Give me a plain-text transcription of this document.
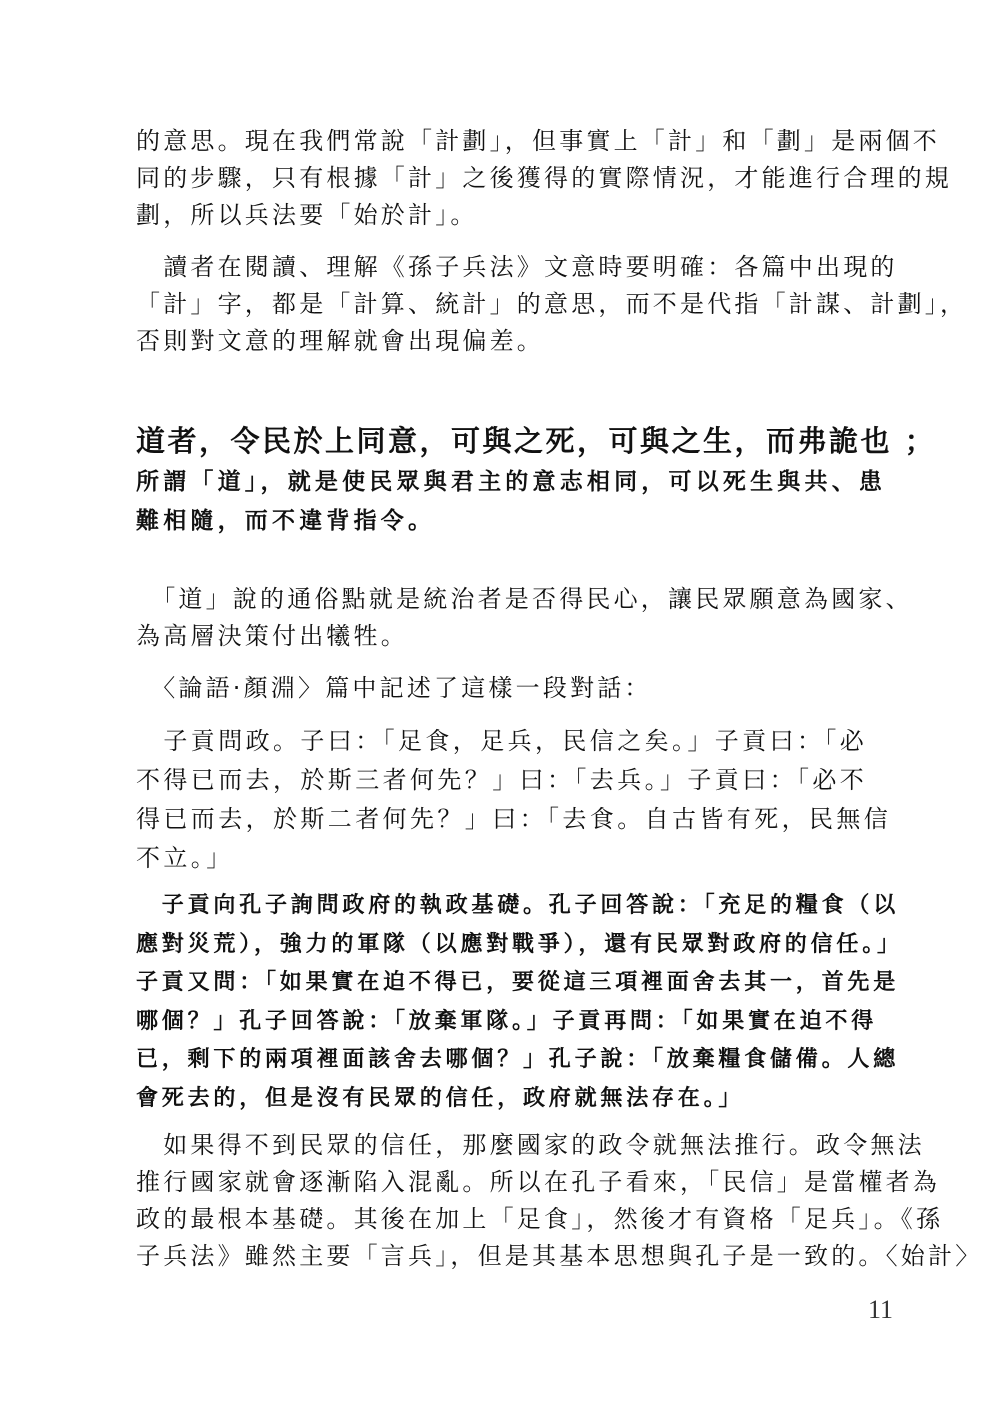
的意思。現在我們常說「計劃」，但事實上「計」和「劃」是兩個不
同的步驟，只有根據「計」之後獲得的實際情況，才能進行合理的規
劃，所以兵法要「始於計」。
　讀者在閱讀、理解《孫子兵法》文意時要明確：各篇中出現的
「計」字，都是「計算、統計」的意思，而不是代指「計謀、計劃」，
否則對文意的理解就會出現偏差。
道者，令民於上同意，可與之死，可與之生，而弗詭也 ；
所謂「道」，就是使民眾與君主的意志相同，可以死生與共、患
難相隨，而不違背指令。
　「道」說的通俗點就是統治者是否得民心，讓民眾願意為國家、
為高層決策付出犧牲。
　〈論語·顏淵〉篇中記述了這樣一段對話：
　子貢問政。子曰：「足食，足兵，民信之矣。」子貢曰：「必
不得已而去，於斯三者何先？」曰：「去兵。」子貢曰：「必不
得已而去，於斯二者何先？」曰：「去食。自古皆有死，民無信
不立。」
　子貢向孔子詢問政府的執政基礎。孔子回答說：「充足的糧食（以
應對災荒），強力的軍隊（以應對戰爭），還有民眾對政府的信任。」
子貢又問：「如果實在迫不得已，要從這三項裡面舍去其一，首先是
哪個？」孔子回答說：「放棄軍隊。」子貢再問：「如果實在迫不得
已，剩下的兩項裡面該舍去哪個？」孔子說：「放棄糧食儲備。人總
會死去的，但是沒有民眾的信任，政府就無法存在。」
　如果得不到民眾的信任，那麼國家的政令就無法推行。政令無法
推行國家就會逐漸陷入混亂。所以在孔子看來，「民信」是當權者為
政的最根本基礎。其後在加上「足食」，然後才有資格「足兵」。《孫
子兵法》雖然主要「言兵」，但是其基本思想與孔子是一致的。〈始計〉
11
